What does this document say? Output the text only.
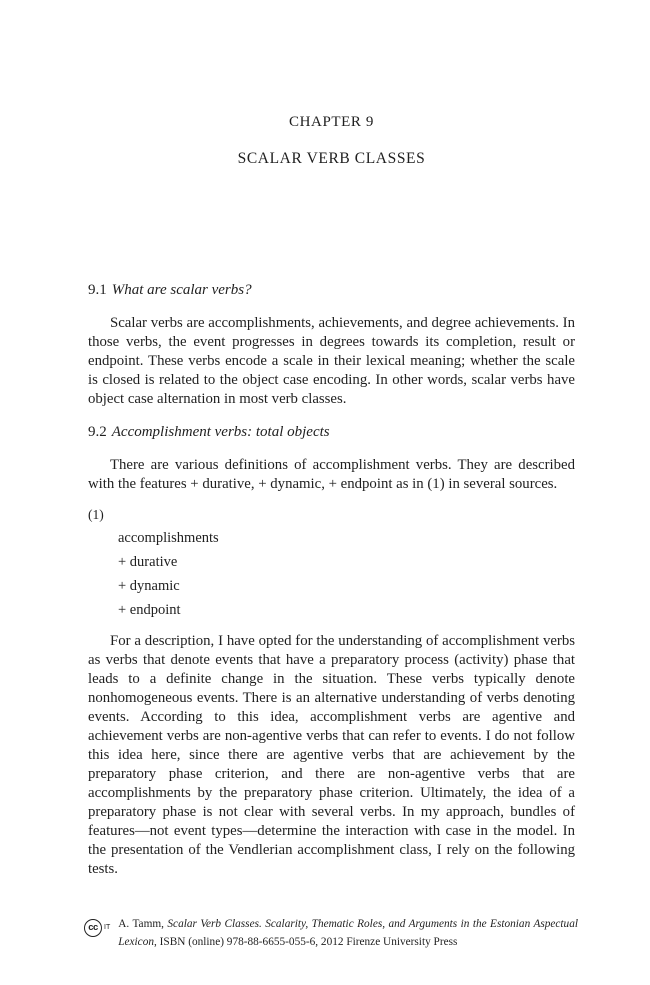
CHAPTER 9
SCALAR VERB CLASSES
9.1 What are scalar verbs?

Scalar verbs are accomplishments, achievements, and degree achievements. In those verbs, the event progresses in degrees towards its completion, result or endpoint. These verbs encode a scale in their lexical meaning; whether the scale is closed is related to the object case encoding. In other words, scalar verbs have object case alternation in most verb classes.

9.2 Accomplishment verbs: total objects

There are various definitions of accomplishment verbs. They are described with the features + durative, + dynamic, + endpoint as in (1) in several sources.

(1)
accomplishments
+ durative
+ dynamic
+ endpoint

For a description, I have opted for the understanding of accomplishment verbs as verbs that denote events that have a preparatory process (activity) phase that leads to a definite change in the situation. These verbs typically denote nonhomogeneous events. There is an alternative understanding of verbs denoting events. According to this idea, accomplishment verbs are agentive and achievement verbs are non-agentive verbs that can refer to events. I do not follow this idea here, since there are agentive verbs that are achievement by the preparatory phase criterion, and there are non-agentive verbs that are accomplishments by the preparatory phase criterion. Ultimately, the idea of a preparatory phase is not clear with several verbs. In my approach, bundles of features—not event types—determine the interaction with case in the model. In the presentation of the Vendlerian accomplishment class, I rely on the following tests.

cc IT A. Tamm, Scalar Verb Classes. Scalarity, Thematic Roles, and Arguments in the Estonian Aspectual Lexicon, ISBN (online) 978-88-6655-055-6, 2012 Firenze University Press
